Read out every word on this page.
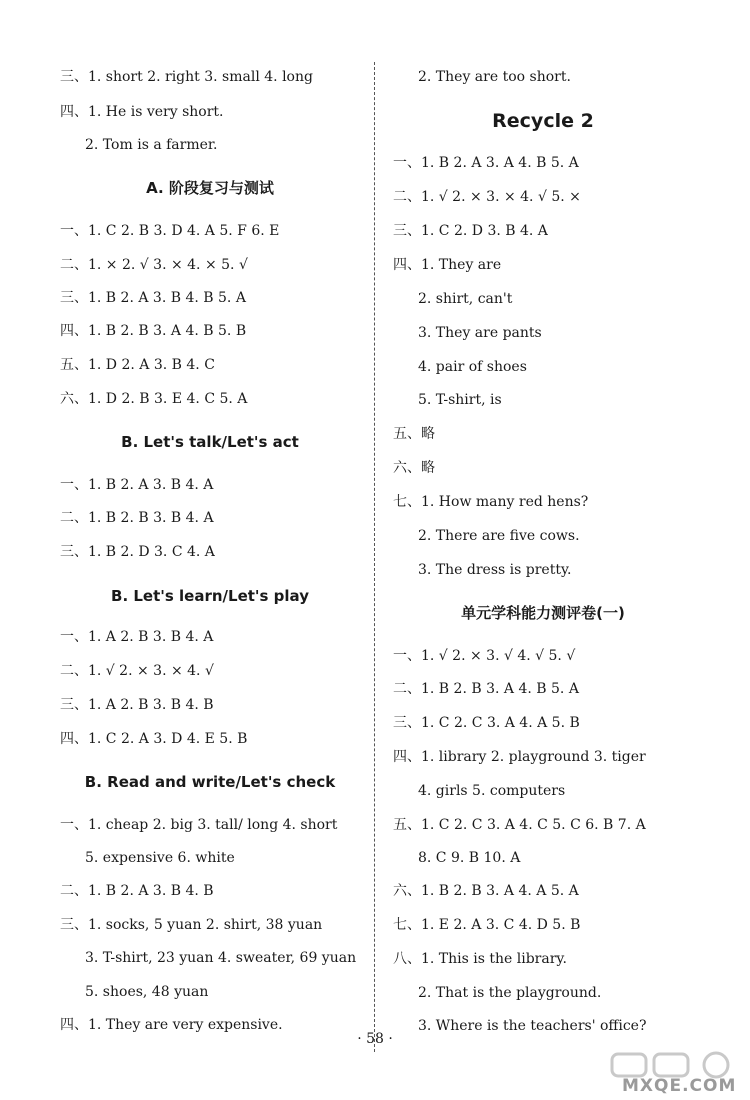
三、1. short 2. right 3. small 4. long
四、1. He is very short.
2. Tom is a farmer.
A. 阶段复习与测试
一、1. C 2. B 3. D 4. A 5. F 6. E
二、1. × 2. √ 3. × 4. × 5. √
三、1. B 2. A 3. B 4. B 5. A
四、1. B 2. B 3. A 4. B 5. B
五、1. D 2. A 3. B 4. C
六、1. D 2. B 3. E 4. C 5. A
B. Let's talk/Let's act
一、1. B 2. A 3. B 4. A
二、1. B 2. B 3. B 4. A
三、1. B 2. D 3. C 4. A
B. Let's learn/Let's play
一、1. A 2. B 3. B 4. A
二、1. √ 2. × 3. × 4. √
三、1. A 2. B 3. B 4. B
四、1. C 2. A 3. D 4. E 5. B
B. Read and write/Let's check
一、1. cheap 2. big 3. tall/ long 4. short
5. expensive 6. white
二、1. B 2. A 3. B 4. B
三、1. socks, 5 yuan 2. shirt, 38 yuan
3. T-shirt, 23 yuan 4. sweater, 69 yuan
5. shoes, 48 yuan
四、1. They are very expensive.
2. They are too short.
Recycle 2
一、1. B 2. A 3. A 4. B 5. A
二、1. √ 2. × 3. × 4. √ 5. ×
三、1. C 2. D 3. B 4. A
四、1. They are
2. shirt, can't
3. They are pants
4. pair of shoes
5. T-shirt, is
五、略
六、略
七、1. How many red hens?
2. There are five cows.
3. The dress is pretty.
单元学科能力测评卷(一)
一、1. √ 2. × 3. √ 4. √ 5. √
二、1. B 2. B 3. A 4. B 5. A
三、1. C 2. C 3. A 4. A 5. B
四、1. library 2. playground 3. tiger
4. girls 5. computers
五、1. C 2. C 3. A 4. C 5. C 6. B 7. A
8. C 9. B 10. A
六、1. B 2. B 3. A 4. A 5. A
七、1. E 2. A 3. C 4. D 5. B
八、1. This is the library.
2. That is the playground.
3. Where is the teachers' office?
· 58 ·
MXQE.COM
